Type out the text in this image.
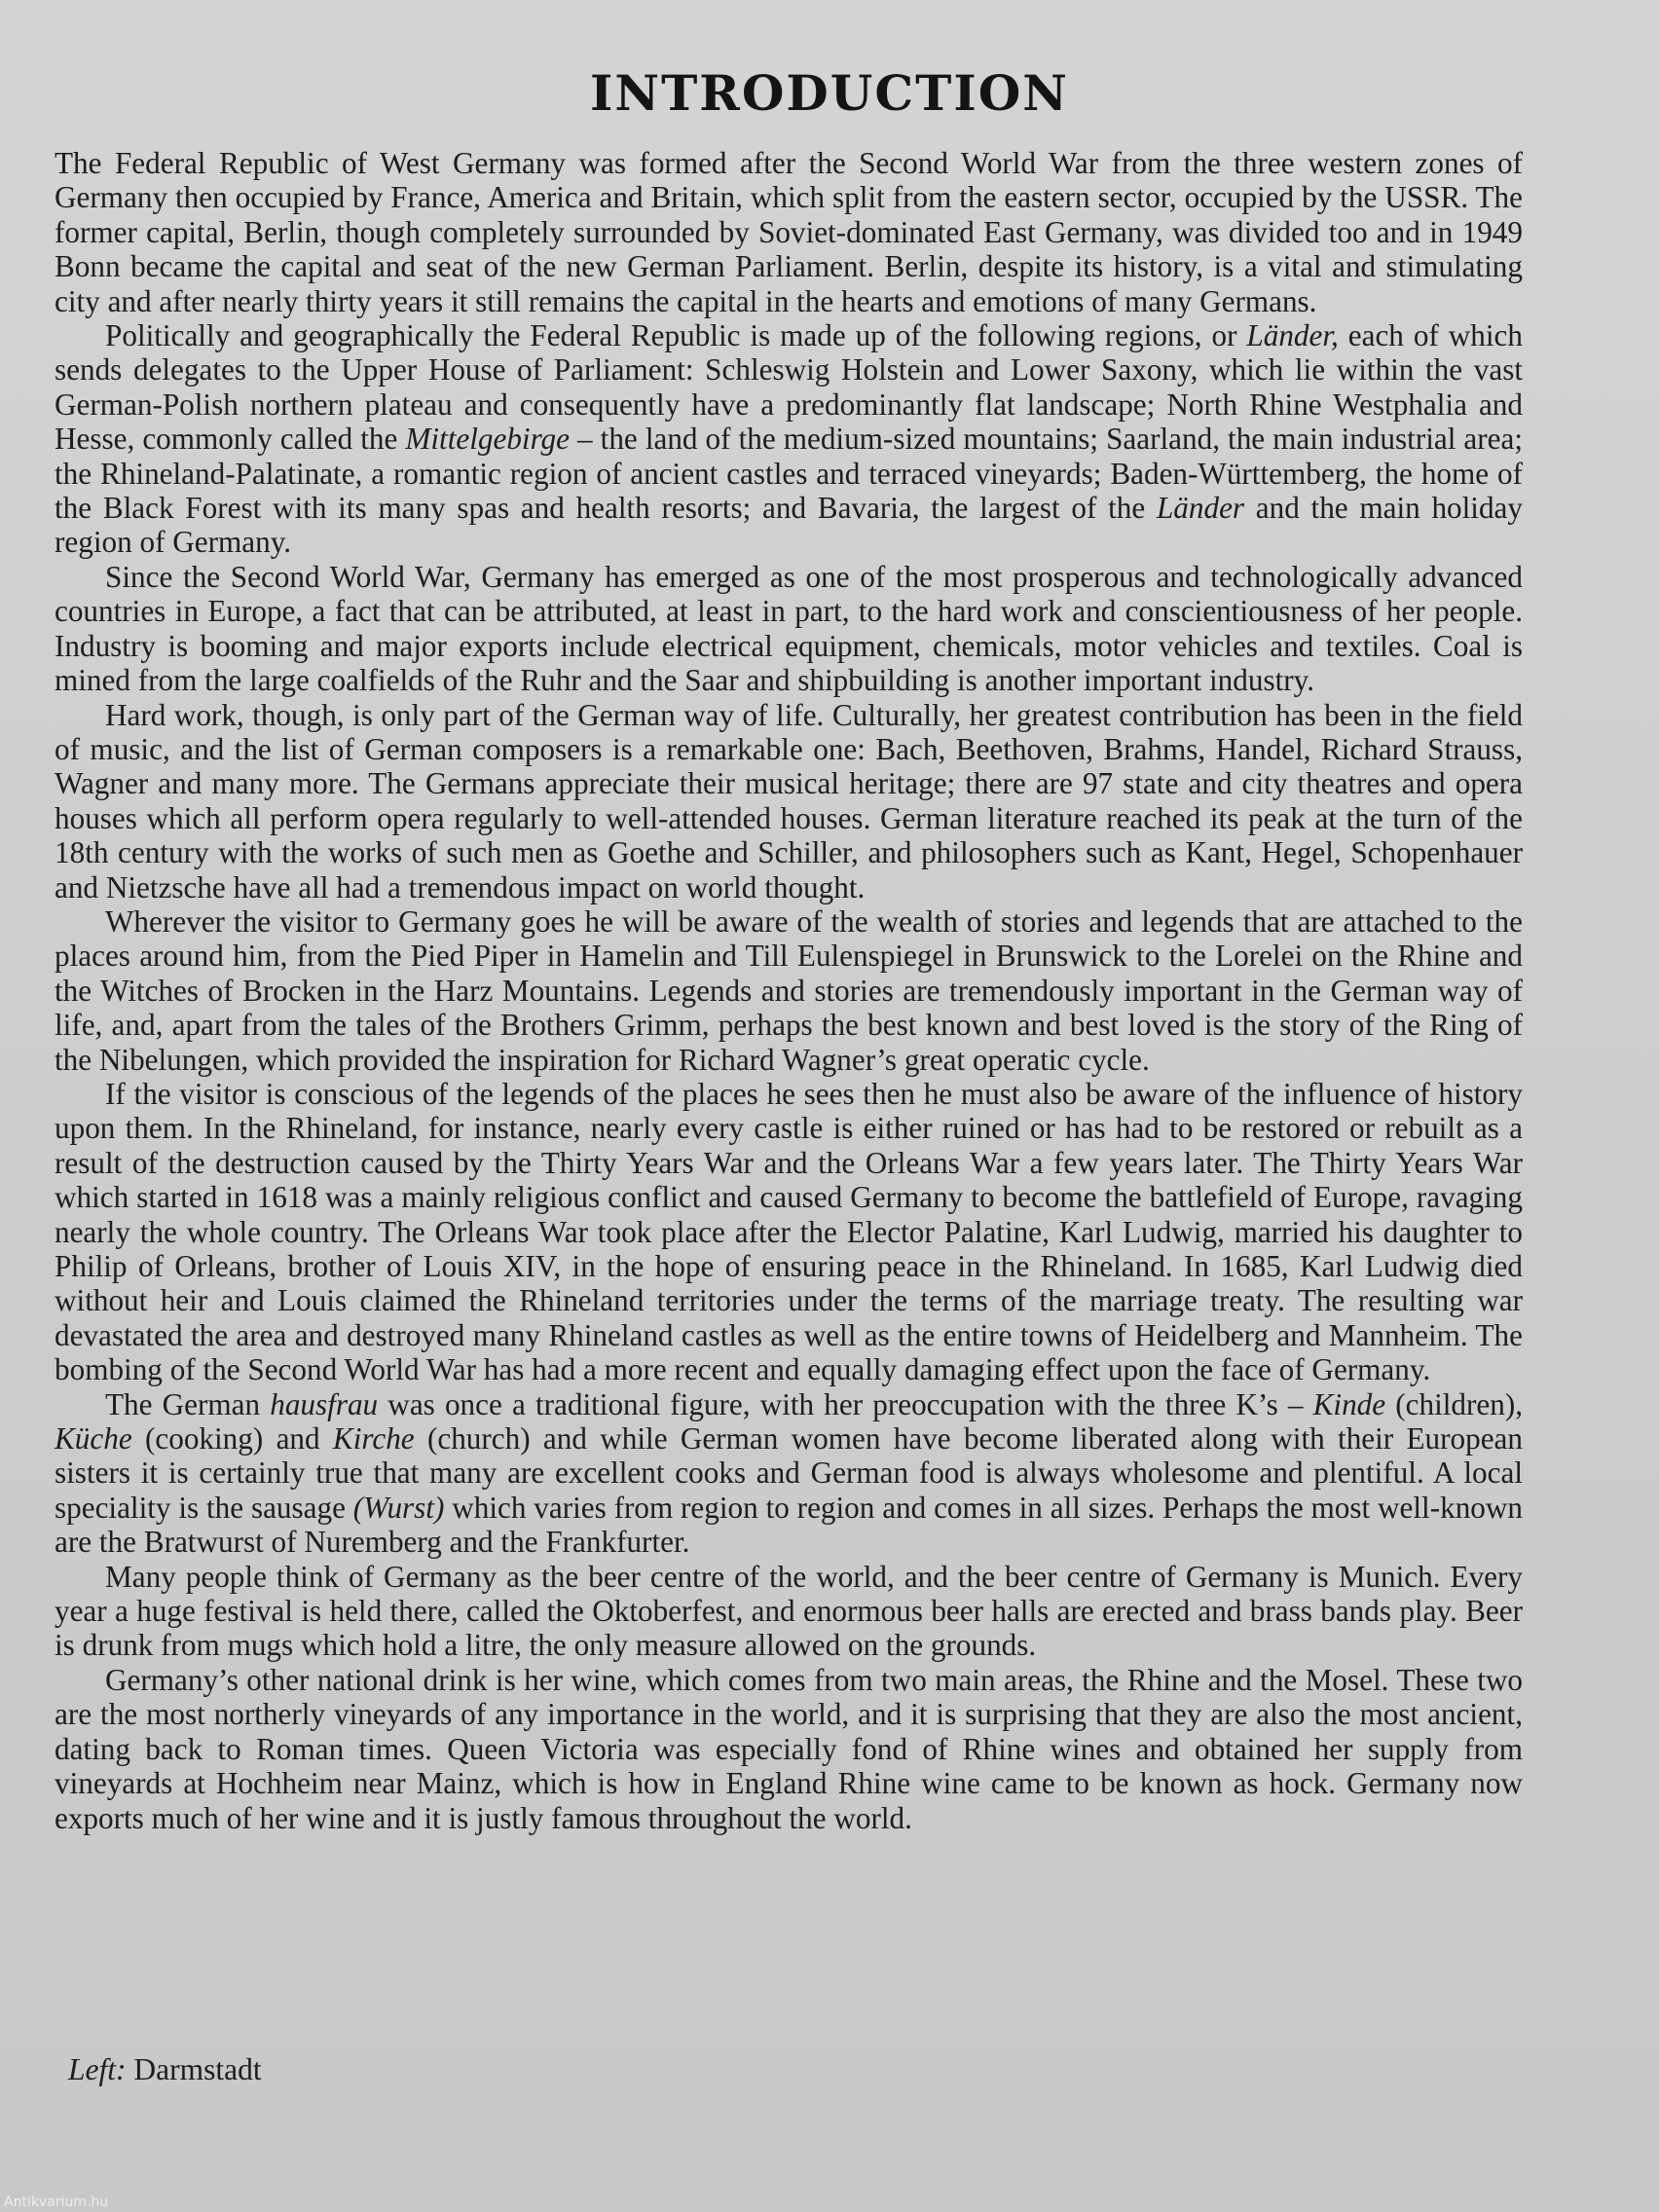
INTRODUCTION

The Federal Republic of West Germany was formed after the Second World War from the three western zones of Germany then occupied by France, America and Britain, which split from the eastern sector, occupied by the USSR. The former capital, Berlin, though completely surrounded by Soviet-dominated East Germany, was divided too and in 1949 Bonn became the capital and seat of the new German Parliament. Berlin, despite its history, is a vital and stimulating city and after nearly thirty years it still remains the capital in the hearts and emotions of many Germans.

Politically and geographically the Federal Republic is made up of the following regions, or Länder, each of which sends delegates to the Upper House of Parliament: Schleswig Holstein and Lower Saxony, which lie within the vast German-Polish northern plateau and consequently have a predominantly flat landscape; North Rhine Westphalia and Hesse, commonly called the Mittelgebirge – the land of the medium-sized mountains; Saarland, the main industrial area; the Rhineland-Palatinate, a romantic region of ancient castles and terraced vineyards; Baden-Württemberg, the home of the Black Forest with its many spas and health resorts; and Bavaria, the largest of the Länder and the main holiday region of Germany.

Since the Second World War, Germany has emerged as one of the most prosperous and technologically advanced countries in Europe, a fact that can be attributed, at least in part, to the hard work and conscientiousness of her people. Industry is booming and major exports include electrical equipment, chemicals, motor vehicles and textiles. Coal is mined from the large coalfields of the Ruhr and the Saar and shipbuilding is another important industry.

Hard work, though, is only part of the German way of life. Culturally, her greatest contribution has been in the field of music, and the list of German composers is a remarkable one: Bach, Beethoven, Brahms, Handel, Richard Strauss, Wagner and many more. The Germans appreciate their musical heritage; there are 97 state and city theatres and opera houses which all perform opera regularly to well-attended houses. German literature reached its peak at the turn of the 18th century with the works of such men as Goethe and Schiller, and philosophers such as Kant, Hegel, Schopenhauer and Nietzsche have all had a tremendous impact on world thought.

Wherever the visitor to Germany goes he will be aware of the wealth of stories and legends that are attached to the places around him, from the Pied Piper in Hamelin and Till Eulenspiegel in Brunswick to the Lorelei on the Rhine and the Witches of Brocken in the Harz Mountains. Legends and stories are tremendously important in the German way of life, and, apart from the tales of the Brothers Grimm, perhaps the best known and best loved is the story of the Ring of the Nibelungen, which provided the inspiration for Richard Wagner’s great operatic cycle.

If the visitor is conscious of the legends of the places he sees then he must also be aware of the influence of history upon them. In the Rhineland, for instance, nearly every castle is either ruined or has had to be restored or rebuilt as a result of the destruction caused by the Thirty Years War and the Orleans War a few years later. The Thirty Years War which started in 1618 was a mainly religious conflict and caused Germany to become the battlefield of Europe, ravaging nearly the whole country. The Orleans War took place after the Elector Palatine, Karl Ludwig, married his daughter to Philip of Orleans, brother of Louis XIV, in the hope of ensuring peace in the Rhineland. In 1685, Karl Ludwig died without heir and Louis claimed the Rhineland territories under the terms of the marriage treaty. The resulting war devastated the area and destroyed many Rhineland castles as well as the entire towns of Heidelberg and Mannheim. The bombing of the Second World War has had a more recent and equally damaging effect upon the face of Germany.

The German hausfrau was once a traditional figure, with her preoccupation with the three K’s – Kinde (children), Küche (cooking) and Kirche (church) and while German women have become liberated along with their European sisters it is certainly true that many are excellent cooks and German food is always wholesome and plentiful. A local speciality is the sausage (Wurst) which varies from region to region and comes in all sizes. Perhaps the most well-known are the Bratwurst of Nuremberg and the Frankfurter.

Many people think of Germany as the beer centre of the world, and the beer centre of Germany is Munich. Every year a huge festival is held there, called the Oktoberfest, and enormous beer halls are erected and brass bands play. Beer is drunk from mugs which hold a litre, the only measure allowed on the grounds.

Germany’s other national drink is her wine, which comes from two main areas, the Rhine and the Mosel. These two are the most northerly vineyards of any importance in the world, and it is surprising that they are also the most ancient, dating back to Roman times. Queen Victoria was especially fond of Rhine wines and obtained her supply from vineyards at Hochheim near Mainz, which is how in England Rhine wine came to be known as hock. Germany now exports much of her wine and it is justly famous throughout the world.

Left: Darmstadt

Antikvarium.hu
